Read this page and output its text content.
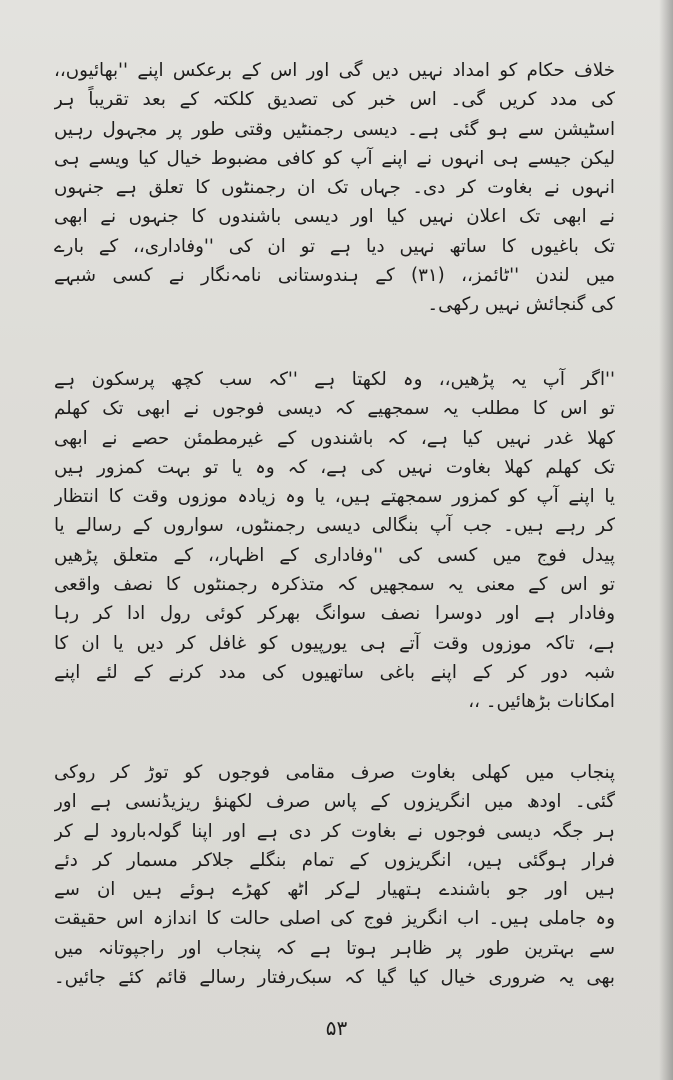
خلاف حکام کو امداد نہیں دیں گی اور اس کے برعکس اپنے ''بھائیوں،،
کی مدد کریں گی۔ اس خبر کی تصدیق کلکتہ کے بعد تقریباً ہر
اسٹیشن سے ہو گئی ہے۔ دیسی رجمنٹیں وقتی طور پر مجہول رہیں
لیکن جیسے ہی انہوں نے اپنے آپ کو کافی مضبوط خیال کیا ویسے ہی
انہوں نے بغاوت کر دی۔ جہاں تک ان رجمنٹوں کا تعلق ہے جنہوں
نے ابھی تک اعلان نہیں کیا اور دیسی باشندوں کا جنہوں نے ابھی
تک باغیوں کا ساتھ نہیں دیا ہے تو ان کی ''وفاداری،، کے بارے
میں لندن ''ٹائمز،، (۳۱) کے ہندوستانی نامہ‌نگار نے کسی شبہے
کی گنجائش نہیں رکھی۔
''اگر آپ یہ پڑھیں،، وہ لکھتا ہے ''کہ سب کچھ پرسکون ہے
تو اس کا مطلب یہ سمجھیے کہ دیسی فوجوں نے ابھی تک کھلم
کھلا غدر نہیں کیا ہے، کہ باشندوں کے غیرمطمئن حصے نے ابھی
تک کھلم کھلا بغاوت نہیں کی ہے، کہ وہ یا تو بہت کمزور ہیں
یا اپنے آپ کو کمزور سمجھتے ہیں، یا وہ زیادہ موزوں وقت کا انتظار
کر رہے ہیں۔ جب آپ بنگالی دیسی رجمنٹوں، سواروں کے رسالے یا
پیدل فوج میں کسی کی ''وفاداری کے اظہار،، کے متعلق پڑھیں
تو اس کے معنی یہ سمجھیں کہ متذکرہ رجمنٹوں کا نصف واقعی
وفادار ہے اور دوسرا نصف سوانگ بھرکر کوئی رول ادا کر رہا
ہے، تاکہ موزوں وقت آتے ہی یورپیوں کو غافل کر دیں یا ان کا
شبہ دور کر کے اپنے باغی ساتھیوں کی مدد کرنے کے لئے اپنے
امکانات بڑھائیں۔ ،،
پنجاب میں کھلی بغاوت صرف مقامی فوجوں کو توڑ کر روکی
گئی۔ اودھ میں انگریزوں کے پاس صرف لکھنؤ ریزیڈنسی ہے اور
ہر جگہ دیسی فوجوں نے بغاوت کر دی ہے اور اپنا گولہ‌بارود لے کر
فرار ہوگئی ہیں، انگریزوں کے تمام بنگلے جلاکر مسمار کر دئے
ہیں اور جو باشندے ہتھیار لےکر اٹھ کھڑے ہوئے ہیں ان سے
وہ جاملی ہیں۔ اب انگریز فوج کی اصلی حالت کا اندازہ اس حقیقت
سے بہترین طور پر ظاہر ہوتا ہے کہ پنجاب اور راجپوتانہ میں
بھی یہ ضروری خیال کیا گیا کہ سبک‌رفتار رسالے قائم کئے جائیں۔
۵۳
